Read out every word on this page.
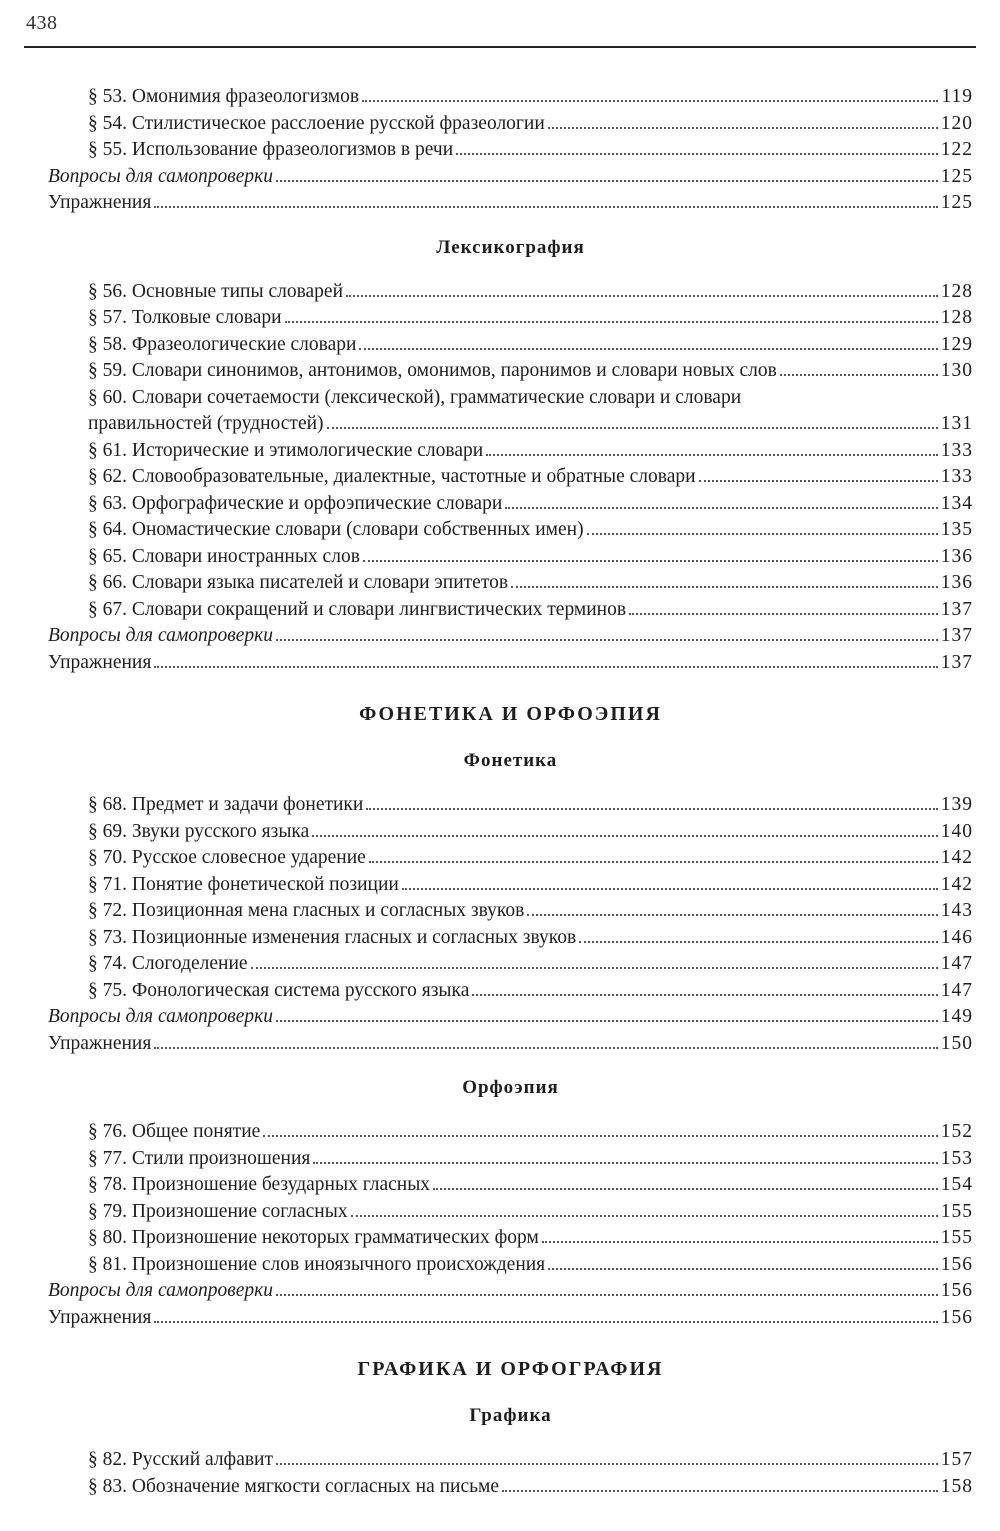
438
§ 53. Омонимия фразеологизмов	119
§ 54. Стилистическое расслоение русской фразеологии	120
§ 55. Использование фразеологизмов в речи	122
Вопросы для самопроверки	125
Упражнения	125
Лексикография
§ 56. Основные типы словарей	128
§ 57. Толковые словари	128
§ 58. Фразеологические словари	129
§ 59. Словари синонимов, антонимов, омонимов, паронимов и словари новых слов	130
§ 60. Словари сочетаемости (лексической), грамматические словари и словари
правильностей (трудностей)	131
§ 61. Исторические и этимологические словари	133
§ 62. Словообразовательные, диалектные, частотные и обратные словари	133
§ 63. Орфографические и орфоэпические словари	134
§ 64. Ономастические словари (словари собственных имен)	135
§ 65. Словари иностранных слов	136
§ 66. Словари языка писателей и словари эпитетов	136
§ 67. Словари сокращений и словари лингвистических терминов	137
Вопросы для самопроверки	137
Упражнения	137
ФОНЕТИКА И ОРФОЭПИЯ
Фонетика
§ 68. Предмет и задачи фонетики	139
§ 69. Звуки русского языка	140
§ 70. Русское словесное ударение	142
§ 71. Понятие фонетической позиции	142
§ 72. Позиционная мена гласных и согласных звуков	143
§ 73. Позиционные изменения гласных и согласных звуков	146
§ 74. Слогоделение	147
§ 75. Фонологическая система русского языка	147
Вопросы для самопроверки	149
Упражнения	150
Орфоэпия
§ 76. Общее понятие	152
§ 77. Стили произношения	153
§ 78. Произношение безударных гласных	154
§ 79. Произношение согласных	155
§ 80. Произношение некоторых грамматических форм	155
§ 81. Произношение слов иноязычного происхождения	156
Вопросы для самопроверки	156
Упражнения	156
ГРАФИКА И ОРФОГРАФИЯ
Графика
§ 82. Русский алфавит	157
§ 83. Обозначение мягкости согласных на письме	158
